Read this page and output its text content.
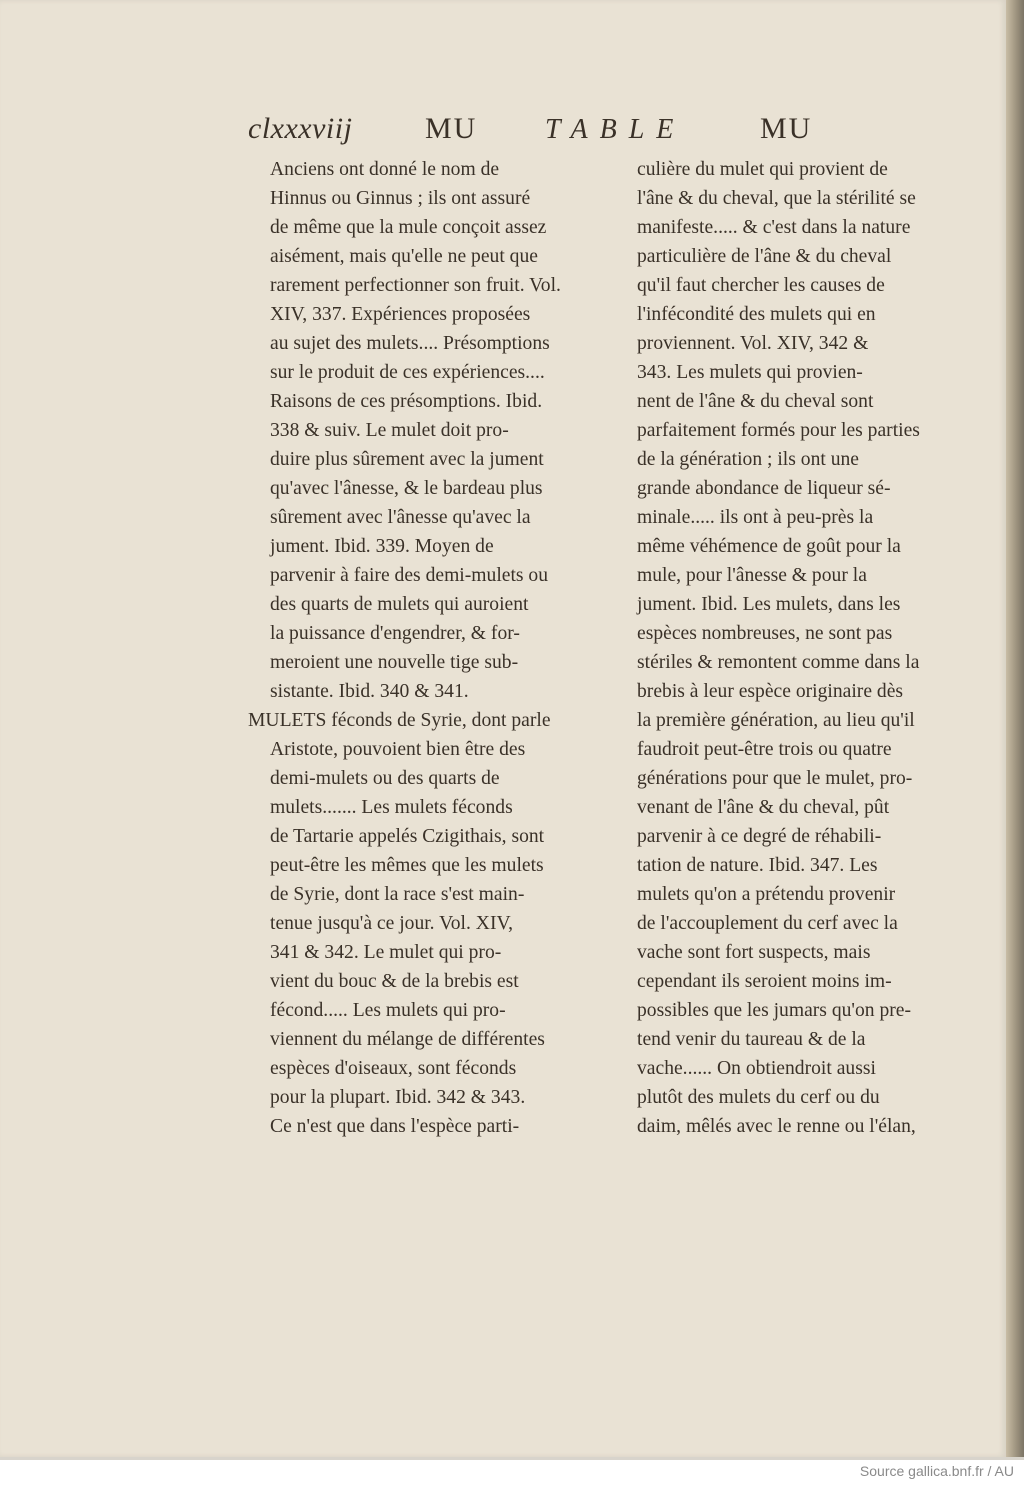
clxxxviij MU TABLE MU
Anciens ont donné le nom de
Hinnus ou Ginnus ; ils ont assuré
de même que la mule conçoit assez
aisément, mais qu'elle ne peut que
rarement perfectionner son fruit. Vol.
XIV, 337. Expériences proposées
au sujet des mulets.... Présomptions
sur le produit de ces expériences....
Raisons de ces présomptions. Ibid.
338 & suiv. Le mulet doit pro-
duire plus sûrement avec la jument
qu'avec l'ânesse, & le bardeau plus
sûrement avec l'ânesse qu'avec la
jument. Ibid. 339. Moyen de
parvenir à faire des demi-mulets ou
des quarts de mulets qui auroient
la puissance d'engendrer, & for-
meroient une nouvelle tige sub-
sistante. Ibid. 340 & 341.
MULETS féconds de Syrie, dont parle
Aristote, pouvoient bien être des
demi-mulets ou des quarts de
mulets....... Les mulets féconds
de Tartarie appelés Czigithais, sont
peut-être les mêmes que les mulets
de Syrie, dont la race s'est main-
tenue jusqu'à ce jour. Vol. XIV,
341 & 342. Le mulet qui pro-
vient du bouc & de la brebis est
fécond..... Les mulets qui pro-
viennent du mélange de différentes
espèces d'oiseaux, sont féconds
pour la plupart. Ibid. 342 & 343.
Ce n'est que dans l'espèce parti-
culière du mulet qui provient de
l'âne & du cheval, que la stérilité se
manifeste..... & c'est dans la nature
particulière de l'âne & du cheval
qu'il faut chercher les causes de
l'infécondité des mulets qui en
proviennent. Vol. XIV, 342 &
343. Les mulets qui provien-
nent de l'âne & du cheval sont
parfaitement formés pour les parties
de la génération ; ils ont une
grande abondance de liqueur sé-
minale..... ils ont à peu-près la
même véhémence de goût pour la
mule, pour l'ânesse & pour la
jument. Ibid. Les mulets, dans les
espèces nombreuses, ne sont pas
stériles & remontent comme dans la
brebis à leur espèce originaire dès
la première génération, au lieu qu'il
faudroit peut-être trois ou quatre
générations pour que le mulet, pro-
venant de l'âne & du cheval, pût
parvenir à ce degré de réhabili-
tation de nature. Ibid. 347. Les
mulets qu'on a prétendu provenir
de l'accouplement du cerf avec la
vache sont fort suspects, mais
cependant ils seroient moins im-
possibles que les jumars qu'on pre-
tend venir du taureau & de la
vache...... On obtiendroit aussi
plutôt des mulets du cerf ou du
daim, mêlés avec le renne ou l'élan,
Source gallica.bnf.fr / AU
